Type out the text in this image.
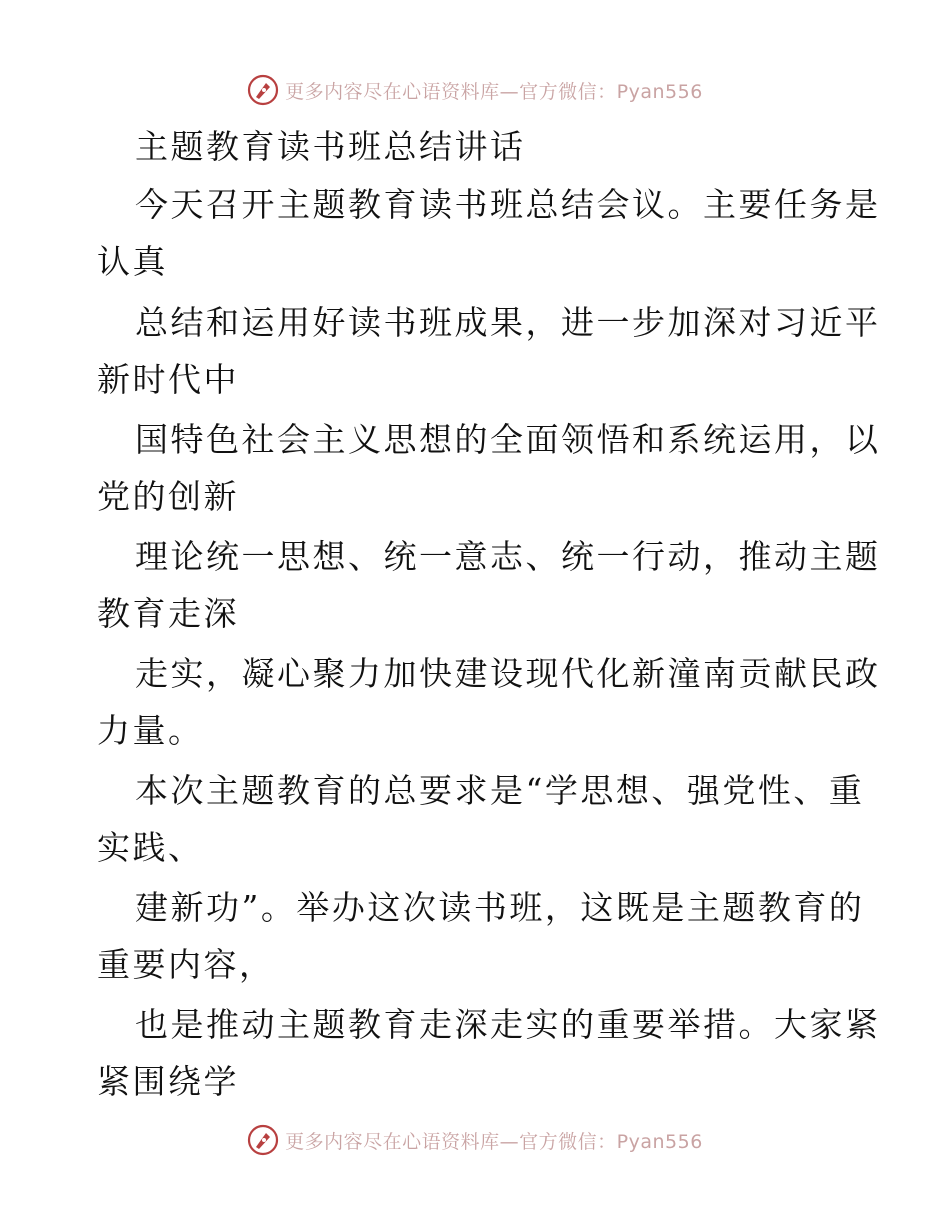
更多内容尽在心语资料库—官方微信：Pyan556
主题教育读书班总结讲话
今天召开主题教育读书班总结会议。主要任务是
认真
总结和运用好读书班成果，进一步加深对习近平
新时代中
国特色社会主义思想的全面领悟和系统运用，以
党的创新
理论统一思想、统一意志、统一行动，推动主题
教育走深
走实，凝心聚力加快建设现代化新潼南贡献民政
力量。
本次主题教育的总要求是“学思想、强党性、重
实践、
建新功”。举办这次读书班，这既是主题教育的
重要内容，
也是推动主题教育走深走实的重要举措。大家紧
紧围绕学
更多内容尽在心语资料库—官方微信：Pyan556
